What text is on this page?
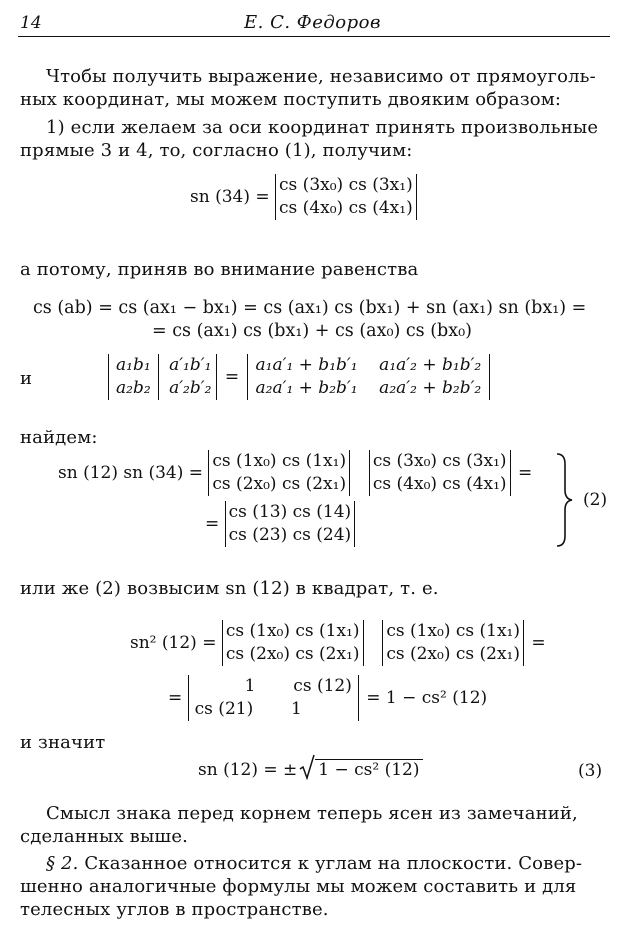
14	Е. С. Федоров
Чтобы получить выражение, независимо от прямоуголь-
ных координат, мы можем поступить двояким образом:
1) если желаем за оси координат принять произвольные
прямые 3 и 4, то, согласно (1), получим:
sn (34) =
cs (3x₀) cs (3x₁)
cs (4x₀) cs (4x₁)
а потому, приняв во внимание равенства
cs (ab) = cs (ax₁ − bx₁) = cs (ax₁) cs (bx₁) + sn (ax₁) sn (bx₁) =
= cs (ax₁) cs (bx₁) + cs (ax₀) cs (bx₀)
и
a₁b₁
a₂b₂

a′₁b′₁
a′₂b′₂
=
a₁a′₁ + b₁b′₁    a₁a′₂ + b₁b′₂
a₂a′₁ + b₂b′₁    a₂a′₂ + b₂b′₂
найдем:
sn (12) sn (34) =
cs (1x₀) cs (1x₁)
cs (2x₀) cs (2x₁)

cs (3x₀) cs (3x₁)
cs (4x₀) cs (4x₁)
=
=
cs (13) cs (14)
cs (23) cs (24)
(2)
или же (2) возвысим sn (12) в квадрат, т. е.
sn² (12) =
cs (1x₀) cs (1x₁)
cs (2x₀) cs (2x₁)

cs (1x₀) cs (1x₁)
cs (2x₀) cs (2x₁)
=
=
1       cs (12)
cs (21)       1
= 1 − cs² (12)
и значит
sn (12) = ± 1 − cs² (12)	(3)
Смысл знака перед корнем теперь ясен из замечаний,
сделанных выше.
§ 2. Сказанное относится к углам на плоскости. Совер-
шенно аналогичные формулы мы можем составить и для
телесных углов в пространстве.
